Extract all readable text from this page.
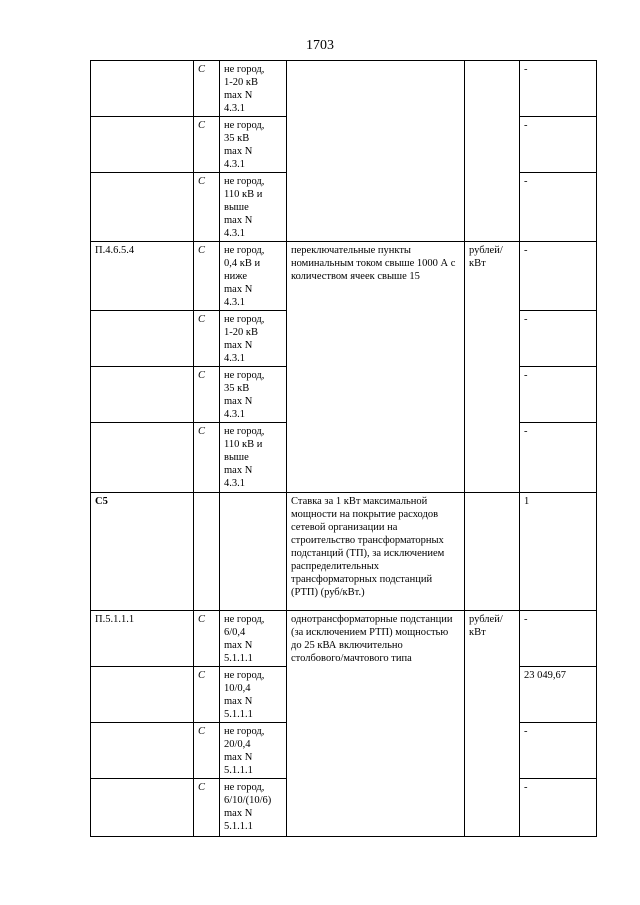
1703
	С	не город,
1-20 кВ
max N
4.3.1			-
	С	не город,
35 кВ
max N
4.3.1			-
	С	не город,
110 кВ и
выше
max N
4.3.1			-
П.4.6.5.4	С	не город,
0,4 кВ и
ниже
max N
4.3.1	переключательные пункты номинальным током свыше 1000 А с количеством ячеек свыше 15	рублей/
кВт	-
	С	не город,
1-20 кВ
max N
4.3.1			-
	С	не город,
35 кВ
max N
4.3.1			-
	С	не город,
110 кВ и
выше
max N
4.3.1			-
С5			Ставка за 1 кВт максимальной мощности на покрытие расходов сетевой организации на строительство трансформаторных подстанций (ТП), за исключением распределительных трансформаторных подстанций (РТП) (руб/кВт.)		1
П.5.1.1.1	С	не город,
6/0,4
max N
5.1.1.1	однотрансформаторные подстанции (за исключением РТП) мощностью до 25 кВА включительно
столбового/мачтового типа	рублей/
кВт	-
	С	не город,
10/0,4
max N
5.1.1.1			23 049,67
	С	не город,
20/0,4
max N
5.1.1.1			-
	С	не город,
6/10/(10/6)
max N
5.1.1.1			-
